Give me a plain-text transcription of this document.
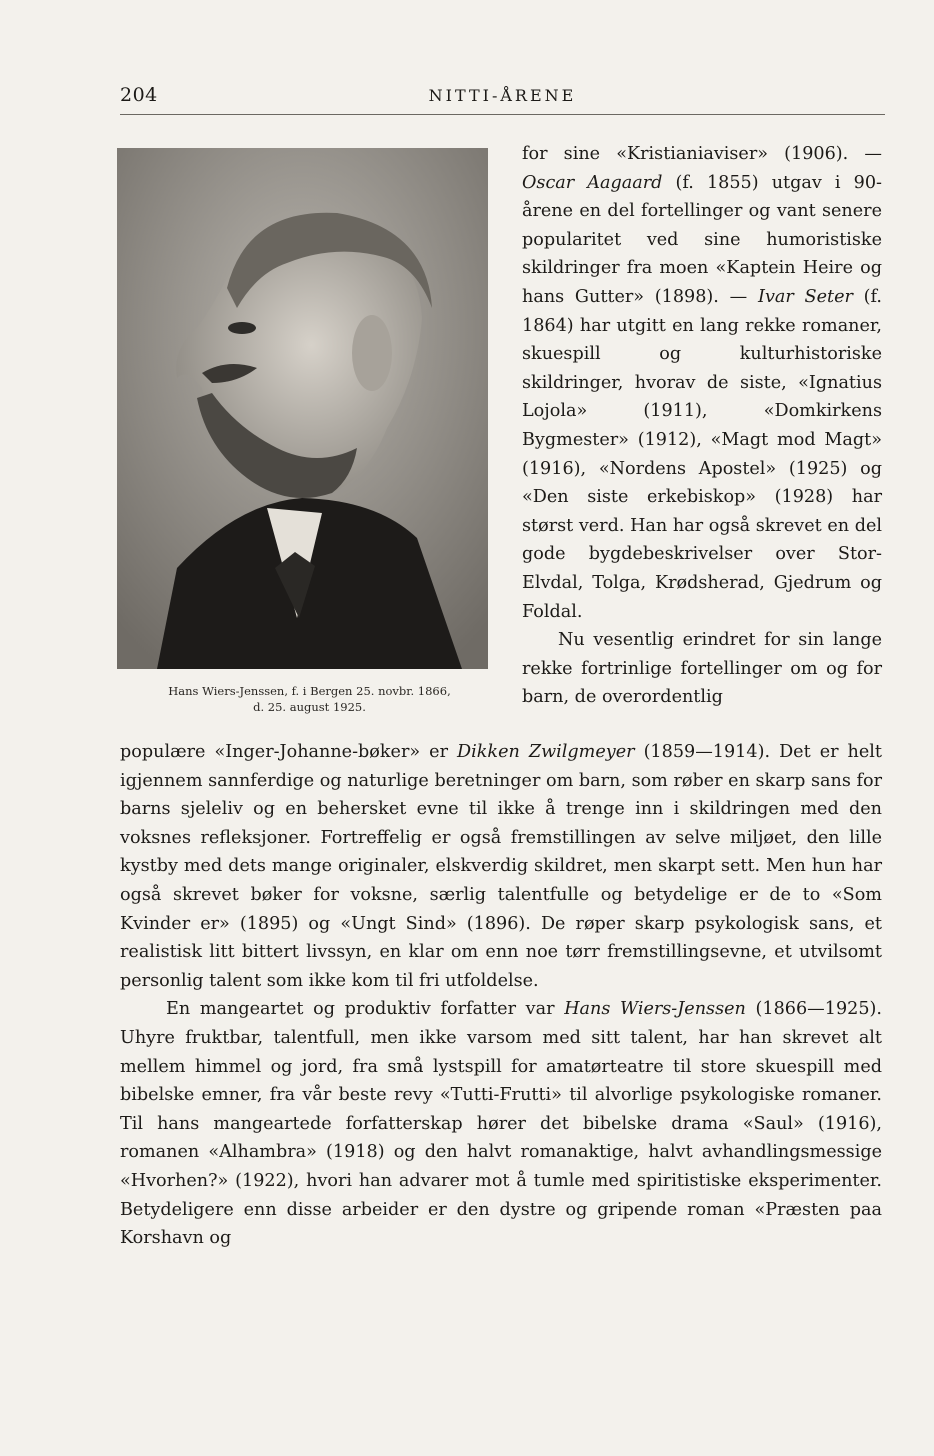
204	NITTI-ÅRENE
Hans Wiers-Jenssen, f. i Bergen 25. novbr. 1866,
d. 25. august 1925.

for sine «Kristianiaviser» (1906). — Oscar Aagaard (f. 1855) utgav i 90-årene en del fortellinger og vant senere popularitet ved sine humoristiske skildringer fra moen «Kaptein Heire og hans Gutter» (1898). — Ivar Seter (f. 1864) har utgitt en lang rekke romaner, skuespill og kulturhistoriske skildringer, hvorav de siste, «Ignatius Lojola» (1911), «Domkirkens Bygmester» (1912), «Magt mod Magt» (1916), «Nordens Apostel» (1925) og «Den siste erkebiskop» (1928) har størst verd. Han har også skrevet en del gode bygdebeskrivelser over Stor-Elvdal, Tolga, Krødsherad, Gjedrum og Foldal.

Nu vesentlig erindret for sin lange rekke fortrinlige fortellinger om og for barn, de overordentlig

populære «Inger-Johanne-bøker» er Dikken Zwilgmeyer (1859—1914). Det er helt igjennem sannferdige og naturlige beretninger om barn, som røber en skarp sans for barns sjeleliv og en behersket evne til ikke å trenge inn i skildringen med den voksnes refleksjoner. Fortreffelig er også fremstillingen av selve miljøet, den lille kystby med dets mange originaler, elskverdig skildret, men skarpt sett. Men hun har også skrevet bøker for voksne, særlig talentfulle og betydelige er de to «Som Kvinder er» (1895) og «Ungt Sind» (1896). De røper skarp psykologisk sans, et realistisk litt bittert livssyn, en klar om enn noe tørr fremstillingsevne, et utvilsomt personlig talent som ikke kom til fri utfoldelse.

En mangeartet og produktiv forfatter var Hans Wiers-Jenssen (1866—1925). Uhyre fruktbar, talentfull, men ikke varsom med sitt talent, har han skrevet alt mellem himmel og jord, fra små lystspill for amatørteatre til store skuespill med bibelske emner, fra vår beste revy «Tutti-Frutti» til alvorlige psykologiske romaner. Til hans mangeartede forfatterskap hører det bibelske drama «Saul» (1916), romanen «Alhambra» (1918) og den halvt romanaktige, halvt avhandlingsmessige «Hvorhen?» (1922), hvori han advarer mot å tumle med spiritistiske eksperimenter. Betydeligere enn disse arbeider er den dystre og gripende roman «Præsten paa Korshavn og
